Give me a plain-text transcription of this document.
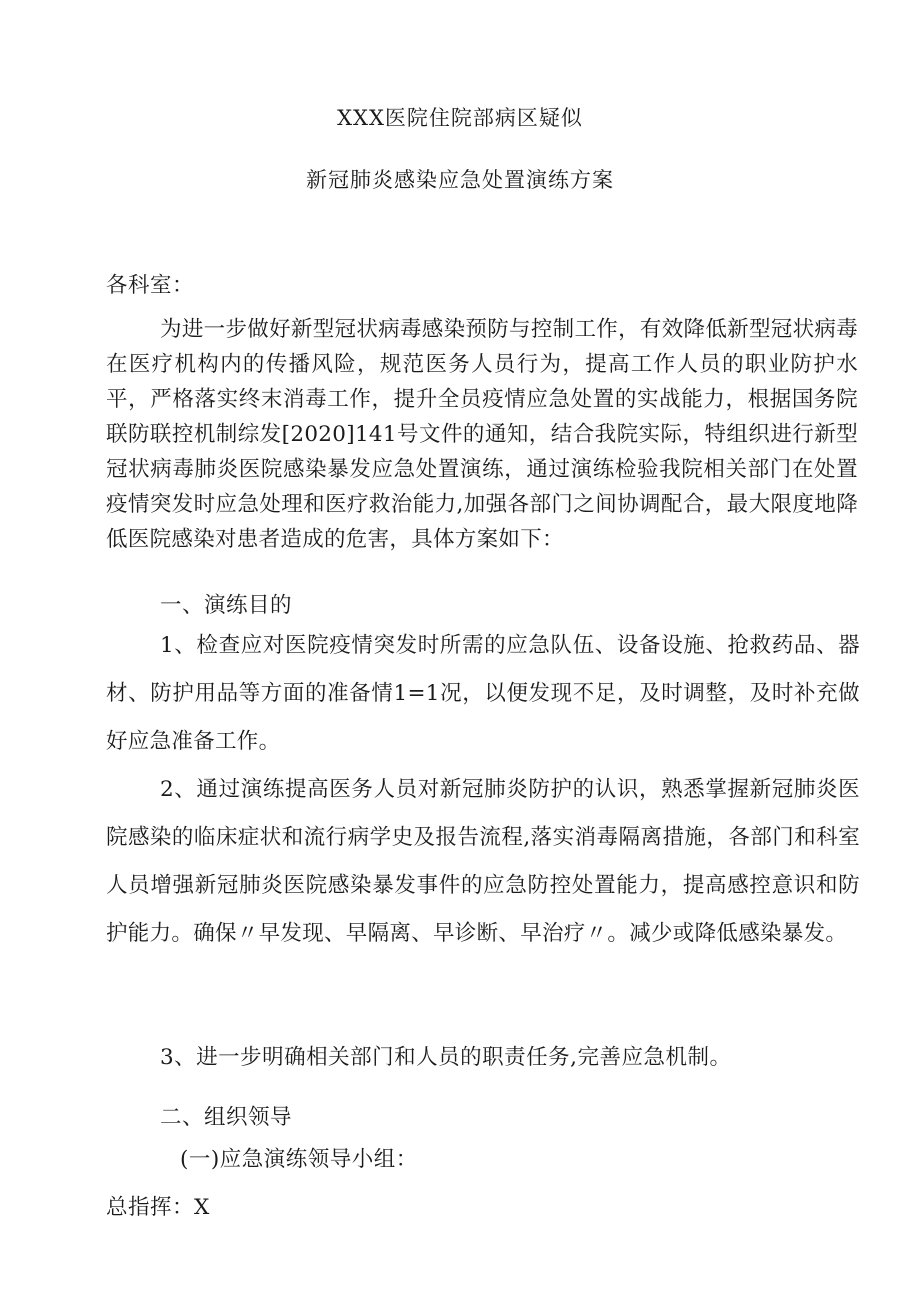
XXX医院住院部病区疑似
新冠肺炎感染应急处置演练方案
各科室：
为进一步做好新型冠状病毒感染预防与控制工作，有效降低新型冠状病毒在医疗机构内的传播风险，规范医务人员行为，提高工作人员的职业防护水平，严格落实终末消毒工作，提升全员疫情应急处置的实战能力，根据国务院联防联控机制综发[2020]141号文件的通知，结合我院实际，特组织进行新型冠状病毒肺炎医院感染暴发应急处置演练，通过演练检验我院相关部门在处置疫情突发时应急处理和医疗救治能力,加强各部门之间协调配合，最大限度地降低医院感染对患者造成的危害，具体方案如下：
一、演练目的
1、检查应对医院疫情突发时所需的应急队伍、设备设施、抢救药品、器材、防护用品等方面的准备情1=1况，以便发现不足，及时调整，及时补充做好应急准备工作。
2、通过演练提高医务人员对新冠肺炎防护的认识，熟悉掌握新冠肺炎医院感染的临床症状和流行病学史及报告流程,落实消毒隔离措施，各部门和科室人员增强新冠肺炎医院感染暴发事件的应急防控处置能力，提高感控意识和防护能力。确保〃早发现、早隔离、早诊断、早治疗〃。减少或降低感染暴发。
3、进一步明确相关部门和人员的职责任务,完善应急机制。
二、组织领导
(一)应急演练领导小组：
总指挥：X
